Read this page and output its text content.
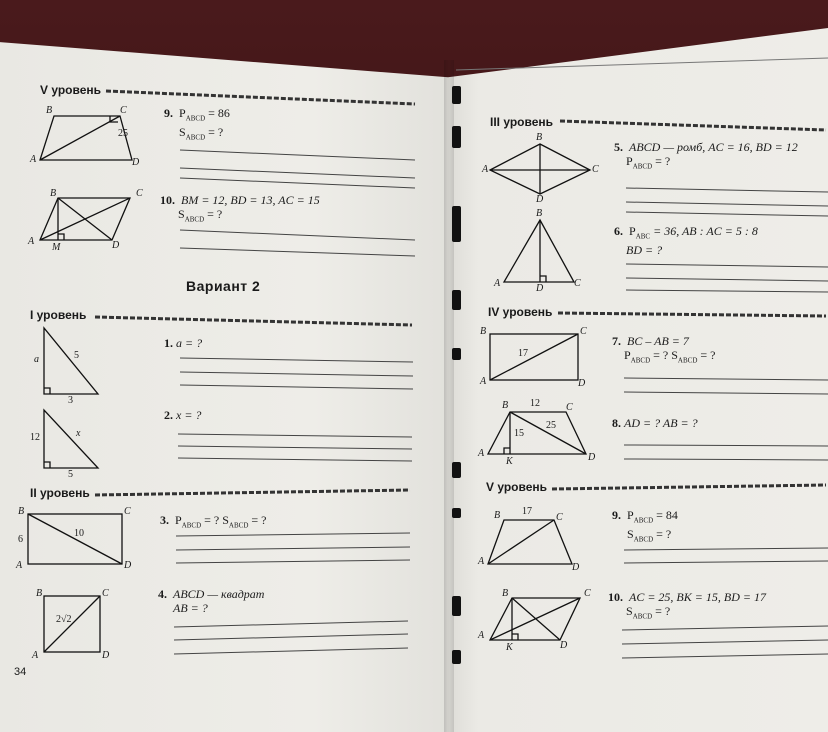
V уровень
I уровень
II уровень
III уровень
IV уровень
V уровень
Вариант 2
34
9. $P_{ABCD} = 86$
$S_{ABCD}$ = ?
10. BM = 12, BD = 13, AC = 15
$S_{ABCD}$ = ?
1. a = ?
2. x = ?
3. $P_{ABCD}$ = ? $S_{ABCD}$ = ?
4. ABCD — квадрат
AB = ?
5. ABCD — ромб, AC = 16, BD = 12
$P_{ABCD}$ = ?
6. $P_{ABC} = 36$, AB : AC = 5 : 8
BD = ?
7. BC – AB = 7
$P_{ABCD}$ = ? $S_{ABCD}$ = ?
8. AD = ? AB = ?
9. $P_{ABCD} = 84$
$S_{ABCD}$ = ?
10. AC = 25, BK = 15, BD = 17
$S_{ABCD}$ = ?
B	C
A	D
25
B	C
A	D
M
a	5
3
12	x
5
B	C
A	D
6
10
B	C
A	D
2√2
B
C
A
D
B
C
A	D
B	C
A	D
17
B	C
A	D
K
12
25
15
B	C
A
D
17
B	C
A
D
K
